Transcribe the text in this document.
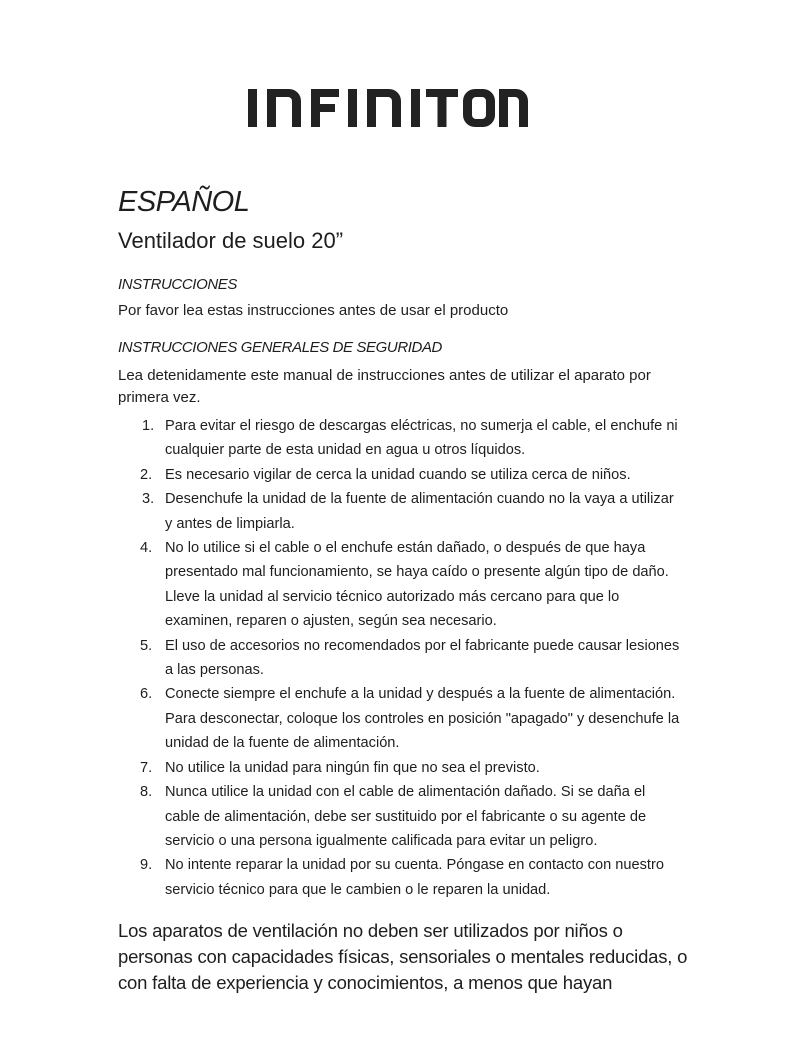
ESPAÑOL
Ventilador de suelo 20”
INSTRUCCIONES

Por favor lea estas instrucciones antes de usar el producto

INSTRUCCIONES GENERALES DE SEGURIDAD

Lea detenidamente este manual de instrucciones antes de utilizar el aparato por primera vez.

1. Para evitar el riesgo de descargas eléctricas, no sumerja el cable, el enchufe ni cualquier parte de esta unidad en agua u otros líquidos.
2. Es necesario vigilar de cerca la unidad cuando se utiliza cerca de niños.
3. Desenchufe la unidad de la fuente de alimentación cuando no la vaya a utilizar y antes de limpiarla.
4. No lo utilice si el cable o el enchufe están dañado, o después de que haya presentado mal funcionamiento, se haya caído o presente algún tipo de daño. Lleve la unidad al servicio técnico autorizado más cercano para que lo examinen, reparen o ajusten, según sea necesario.
5. El uso de accesorios no recomendados por el fabricante puede causar lesiones a las personas.
6. Conecte siempre el enchufe a la unidad y después a la fuente de alimentación. Para desconectar, coloque los controles en posición "apagado" y desenchufe la unidad de la fuente de alimentación.
7. No utilice la unidad para ningún fin que no sea el previsto.
8. Nunca utilice la unidad con el cable de alimentación dañado. Si se daña el cable de alimentación, debe ser sustituido por el fabricante o su agente de servicio o una persona igualmente calificada para evitar un peligro.
9. No intente reparar la unidad por su cuenta. Póngase en contacto con nuestro servicio técnico para que le cambien o le reparen la unidad.

Los aparatos de ventilación no deben ser utilizados por niños o personas con capacidades físicas, sensoriales o mentales reducidas, o con falta de experiencia y conocimientos, a menos que hayan
